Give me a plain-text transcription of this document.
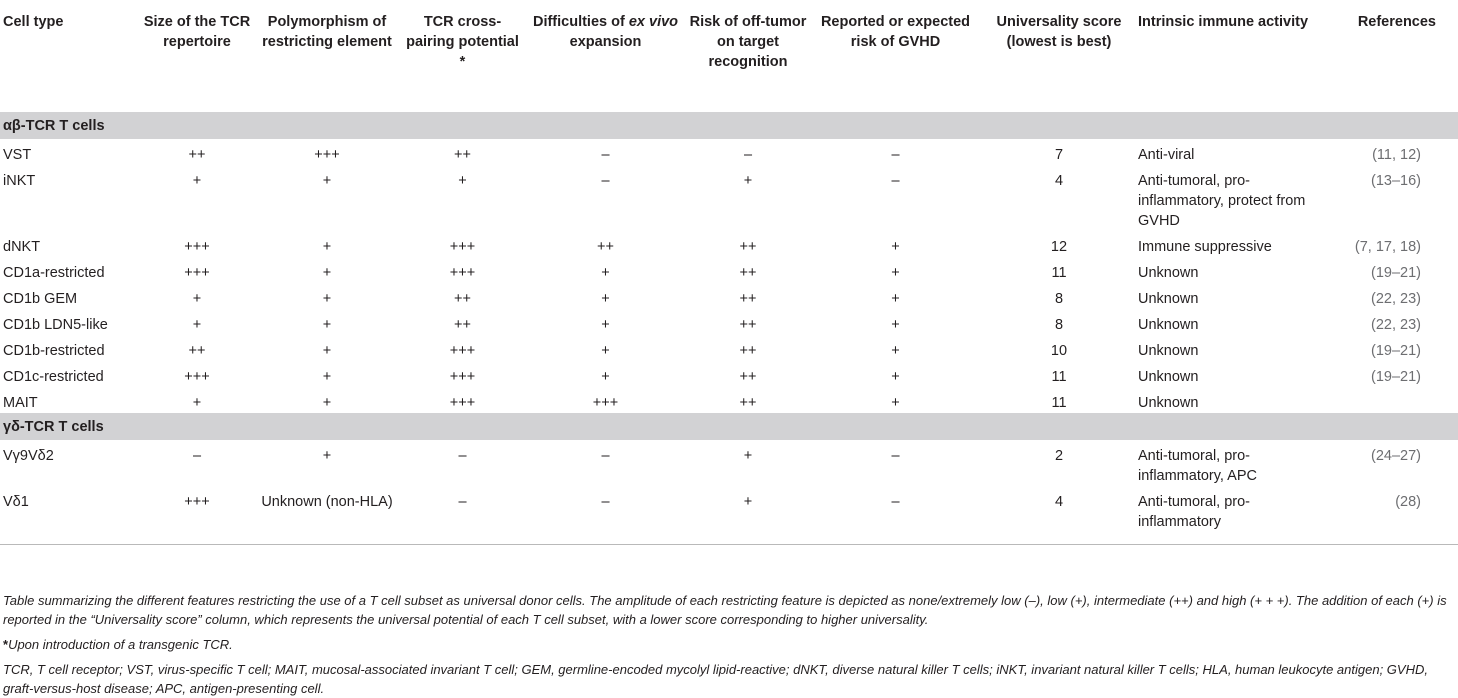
Cell type	Size of the TCR repertoire	Polymorphism of restricting element	TCR cross-pairing potential *	Difficulties of ex vivo expansion	Risk of off-tumor on target recognition	Reported or expected risk of GVHD	Universality score (lowest is best)	Intrinsic immune activity	References
αβ-TCR T cells									
VST	++	+++	++	–	–	–	7	Anti-viral	(11, 12)
iNKT	+	+	+	–	+	–	4	Anti-tumoral, pro-inflammatory, protect from GVHD	(13–16)
dNKT	+++	+	+++	++	++	+	12	Immune suppressive	(7, 17, 18)
CD1a-restricted	+++	+	+++	+	++	+	11	Unknown	(19–21)
CD1b GEM	+	+	++	+	++	+	8	Unknown	(22, 23)
CD1b LDN5-like	+	+	++	+	++	+	8	Unknown	(22, 23)
CD1b-restricted	++	+	+++	+	++	+	10	Unknown	(19–21)
CD1c-restricted	+++	+	+++	+	++	+	11	Unknown	(19–21)
MAIT	+	+	+++	+++	++	+	11	Unknown	
γδ-TCR T cells									
Vγ9Vδ2	–	+	–	–	+	–	2	Anti-tumoral, pro-inflammatory, APC	(24–27)
Vδ1	+++	Unknown (non-HLA)	–	–	+	–	4	Anti-tumoral, pro-inflammatory	(28)

Table summarizing the different features restricting the use of a T cell subset as universal donor cells. The amplitude of each restricting feature is depicted as none/extremely low (–), low (+), intermediate (++) and high (+ + +). The addition of each (+) is reported in the “Universality score” column, which represents the universal potential of each T cell subset, with a lower score corresponding to higher universality.

*Upon introduction of a transgenic TCR.

TCR, T cell receptor; VST, virus-specific T cell; MAIT, mucosal-associated invariant T cell; GEM, germline-encoded mycolyl lipid-reactive; dNKT, diverse natural killer T cells; iNKT, invariant natural killer T cells; HLA, human leukocyte antigen; GVHD, graft-versus-host disease; APC, antigen-presenting cell.
